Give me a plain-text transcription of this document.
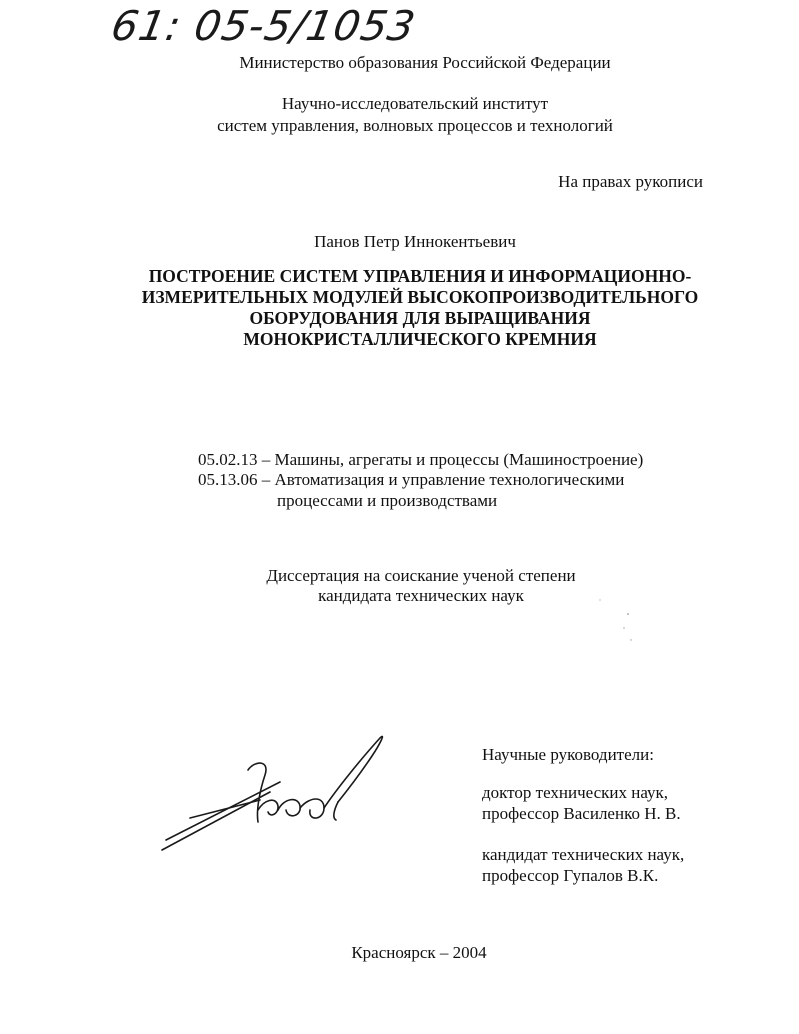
61: 05-5/1053
Министерство образования Российской Федерации
Научно-исследовательский институт
систем управления, волновых процессов и технологий
На правах рукописи
Панов Петр Иннокентьевич
ПОСТРОЕНИЕ СИСТЕМ УПРАВЛЕНИЯ И ИНФОРМАЦИОННО-
ИЗМЕРИТЕЛЬНЫХ МОДУЛЕЙ ВЫСОКОПРОИЗВОДИТЕЛЬНОГО
ОБОРУДОВАНИЯ ДЛЯ ВЫРАЩИВАНИЯ
МОНОКРИСТАЛЛИЧЕСКОГО КРЕМНИЯ
05.02.13 – Машины, агрегаты и процессы (Машиностроение)
05.13.06 – Автоматизация и управление технологическими
процессами и производствами
Диссертация на соискание ученой степени
кандидата технических наук
Научные руководители:
доктор технических наук,
профессор Василенко Н. В.
кандидат технических наук,
профессор Гупалов В.К.
Красноярск – 2004
